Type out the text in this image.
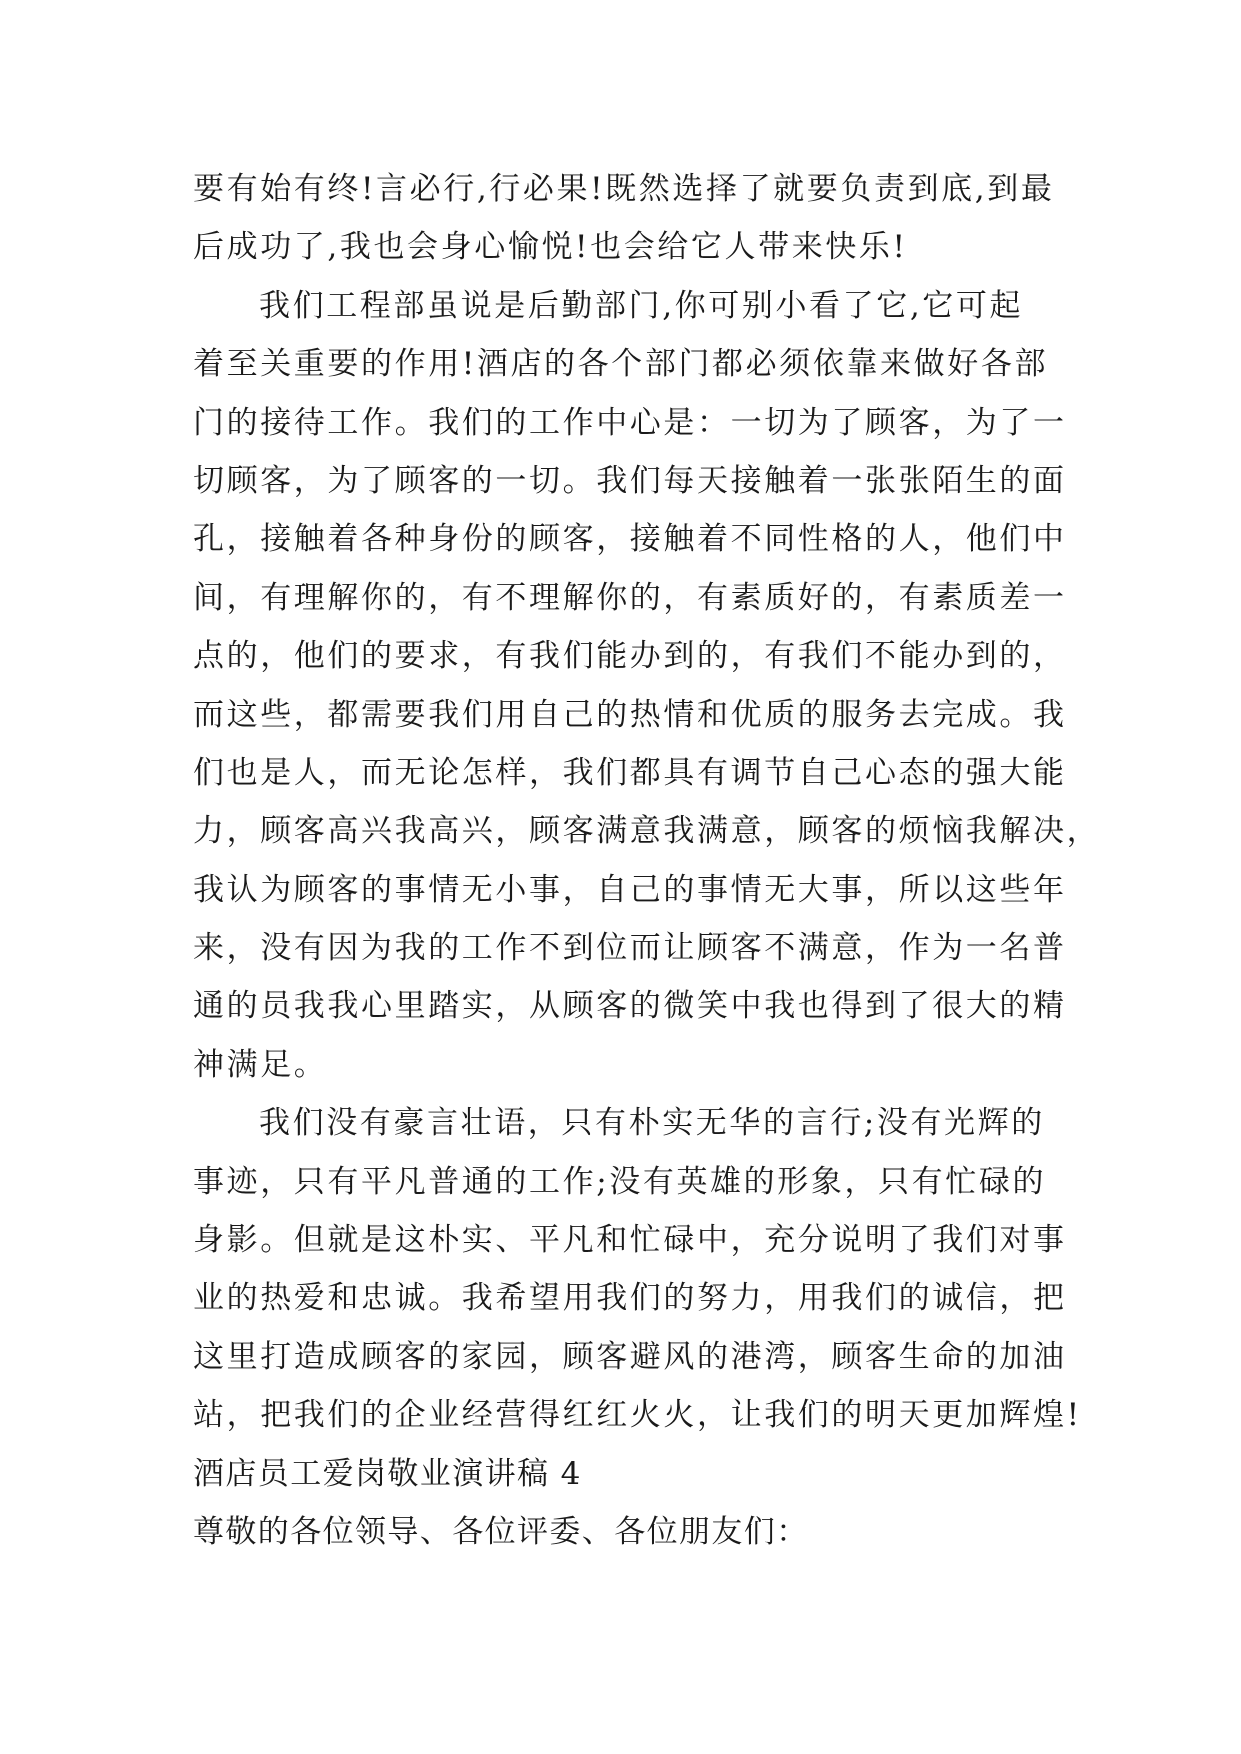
要有始有终!言必行,行必果!既然选择了就要负责到底,到最
后成功了,我也会身心愉悦!也会给它人带来快乐!
我们工程部虽说是后勤部门,你可别小看了它,它可起
着至关重要的作用!酒店的各个部门都必须依靠来做好各部
门的接待工作。我们的工作中心是：一切为了顾客，为了一
切顾客，为了顾客的一切。我们每天接触着一张张陌生的面
孔，接触着各种身份的顾客，接触着不同性格的人，他们中
间，有理解你的，有不理解你的，有素质好的，有素质差一
点的，他们的要求，有我们能办到的，有我们不能办到的，
而这些，都需要我们用自己的热情和优质的服务去完成。我
们也是人，而无论怎样，我们都具有调节自己心态的强大能
力，顾客高兴我高兴，顾客满意我满意，顾客的烦恼我解决，
我认为顾客的事情无小事，自己的事情无大事，所以这些年
来，没有因为我的工作不到位而让顾客不满意，作为一名普
通的员我我心里踏实，从顾客的微笑中我也得到了很大的精
神满足。
我们没有豪言壮语，只有朴实无华的言行;没有光辉的
事迹，只有平凡普通的工作;没有英雄的形象，只有忙碌的
身影。但就是这朴实、平凡和忙碌中，充分说明了我们对事
业的热爱和忠诚。我希望用我们的努力，用我们的诚信，把
这里打造成顾客的家园，顾客避风的港湾，顾客生命的加油
站，把我们的企业经营得红红火火，让我们的明天更加辉煌!
酒店员工爱岗敬业演讲稿 4
尊敬的各位领导、各位评委、各位朋友们：
